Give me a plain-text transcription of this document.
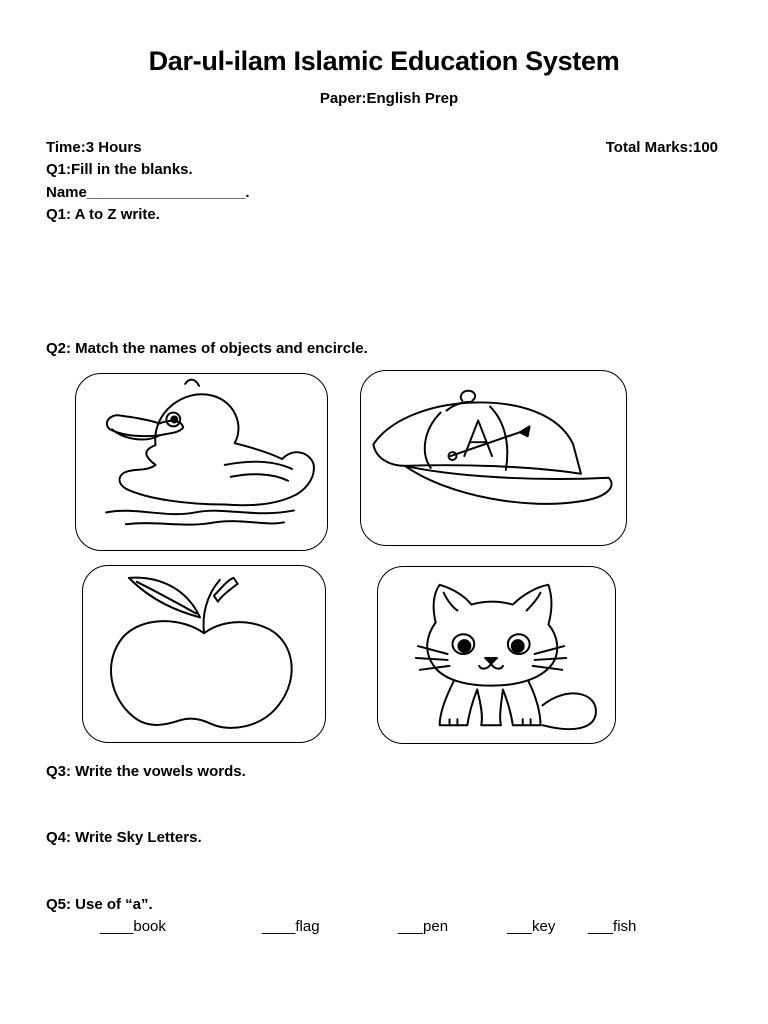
Dar-ul-ilam Islamic Education System
Paper:English Prep
Time:3 Hours	Total Marks:100
Q1:Fill in the blanks.
Name___________________.
Q1: A to Z write.
Q2: Match the names of objects and encircle.
Q3: Write the vowels words.
Q4: Write Sky Letters.
Q5: Use of “a”.
____book	____flag	___pen	___key ___fish
